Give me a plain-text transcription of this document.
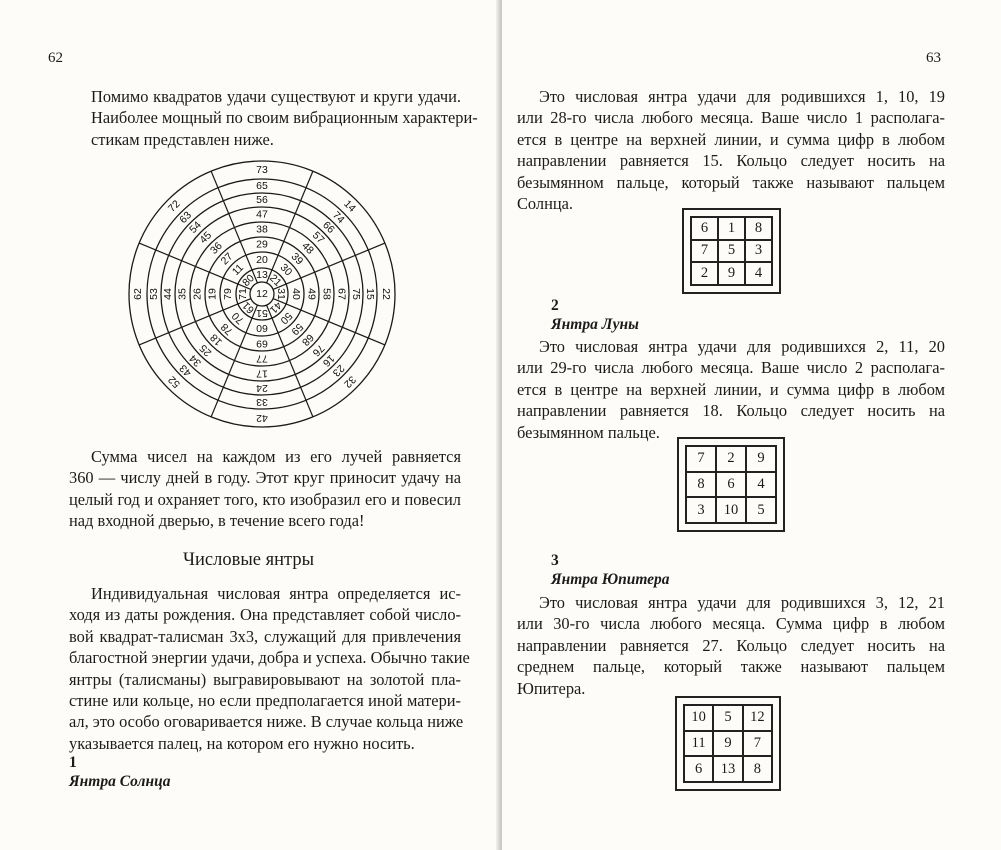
62
Помимо квадратов удачи существуют и круги удачи.
Наиболее мощный по своим вибрационным характери-
стикам представлен ниже.
12
13
20
29
38
47
56
65
73
21
30
39
48
57
66
74
14
31 40 49 58 67 75 15 22
41
50
59
68
76
16
23
32
51
60
69
77
17
24
33
42
61
70
78
18
25
34
43
52
71
79
19
26
35
44
53
62
80
11
27
36
45
54
63
72
Сумма чисел на каждом из его лучей равняется
360 — числу дней в году. Этот круг приносит удачу на
целый год и охраняет того, кто изобразил его и повесил
над входной дверью, в течение всего года!
Числовые янтры
Индивидуальная числовая янтра определяется ис-
ходя из даты рождения. Она представляет собой число-
вой квадрат-талисман 3х3, служащий для привлечения
благостной энергии удачи, добра и успеха. Обычно такие
янтры (талисманы) выгравировывают на золотой пла-
стине или кольце, но если предполагается иной матери-
ал, это особо оговаривается ниже. В случае кольца ниже
указывается палец, на котором его нужно носить.
1
Янтра Солнца
63
Это числовая янтра удачи для родившихся 1, 10, 19
или 28-го числа любого месяца. Ваше число 1 располага-
ется в центре на верхней линии, и сумма цифр в любом
направлении равняется 15. Кольцо следует носить на
безымянном пальце, который также называют пальцем
Солнца.
6	1	8
7	5	3
2	9	4
2
Янтра Луны
Это числовая янтра удачи для родившихся 2, 11, 20
или 29-го числа любого месяца. Ваше число 2 располага-
ется в центре на верхней линии, и сумма цифр в любом
направлении равняется 18. Кольцо следует носить на
безымянном пальце.
7	2	9
8	6	4
3	10	5
3
Янтра Юпитера
Это числовая янтра удачи для родившихся 3, 12, 21
или 30-го числа любого месяца. Сумма цифр в любом
направлении равняется 27. Кольцо следует носить на
среднем пальце, который также называют пальцем
Юпитера.
10	5	12
11	9	7
6	13	8
